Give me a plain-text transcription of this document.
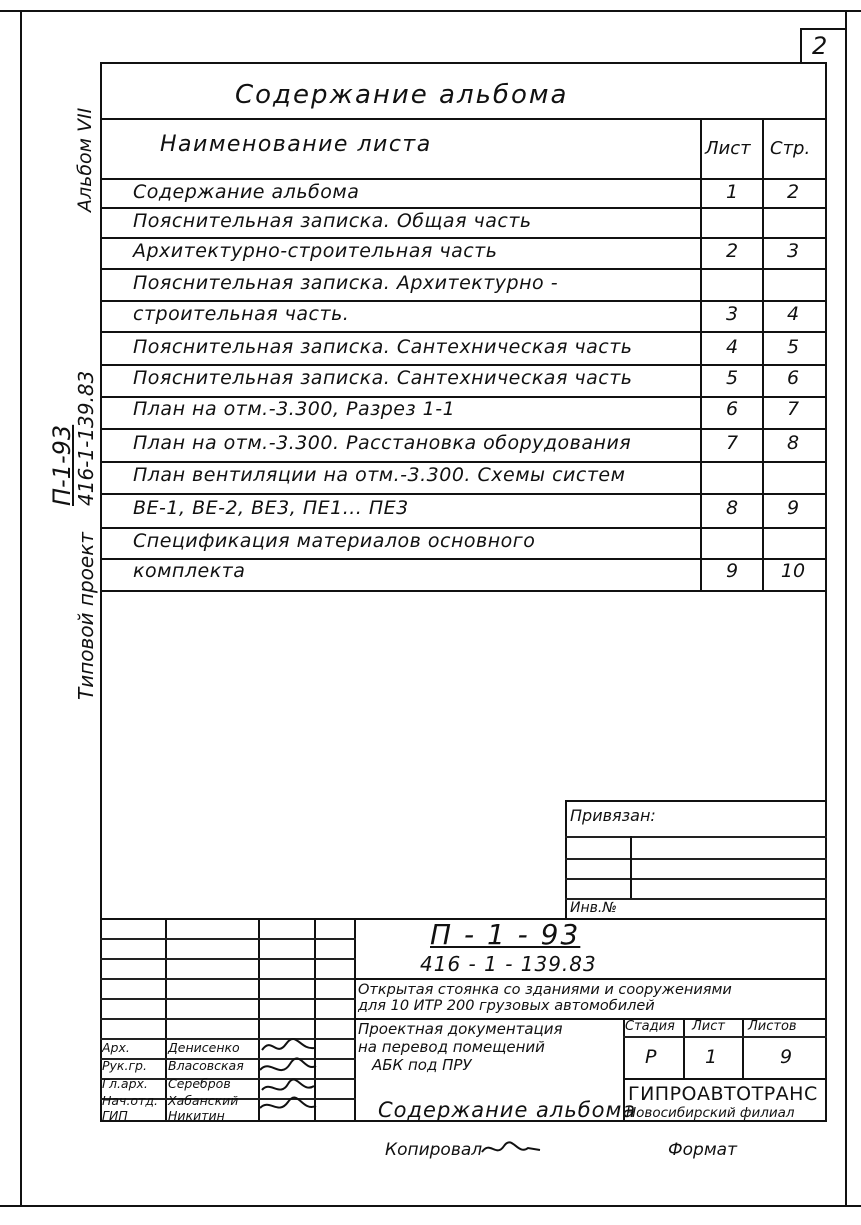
2
Альбом VII
Типовой проект
П-1-93
416-1-139.83
Содержание альбома
Наименование листа	Лист Стр.
Содержание альбома	1	2
Пояснительная записка. Общая часть
Архитектурно-строительная часть	2	3
Пояснительная записка. Архитектурно -
строительная часть.	3	4
Пояснительная записка. Сантехническая часть	4	5
Пояснительная записка. Сантехническая часть	5	6
План на отм.-3.300, Разрез 1-1	6	7
План на отм.-3.300. Расстановка оборудования	7	8
План вентиляции на отм.-3.300. Схемы систем
ВЕ-1, ВЕ-2, ВЕ3, ПЕ1... ПЕ3	8	9
Спецификация материалов основного
комплекта	9	10
Привязан:
Инв.№
П - 1 - 93
416 - 1 - 139.83
Открытая стоянка со зданиями и сооружениями
для 10 ИТР 200 грузовых автомобилей
Проектная документация
на перевод помещений
АБК под ПРУ
Стадия Лист Листов
Р	1	9
Содержание альбома
ГИПРОАВТОТРАНС
Новосибирский филиал
Арх.	Денисенко
Рук.гр. Власовская
Гл.арх. Серебров
Нач.отд. Хабанский
ГИП	Никитин
Копировал	Формат
